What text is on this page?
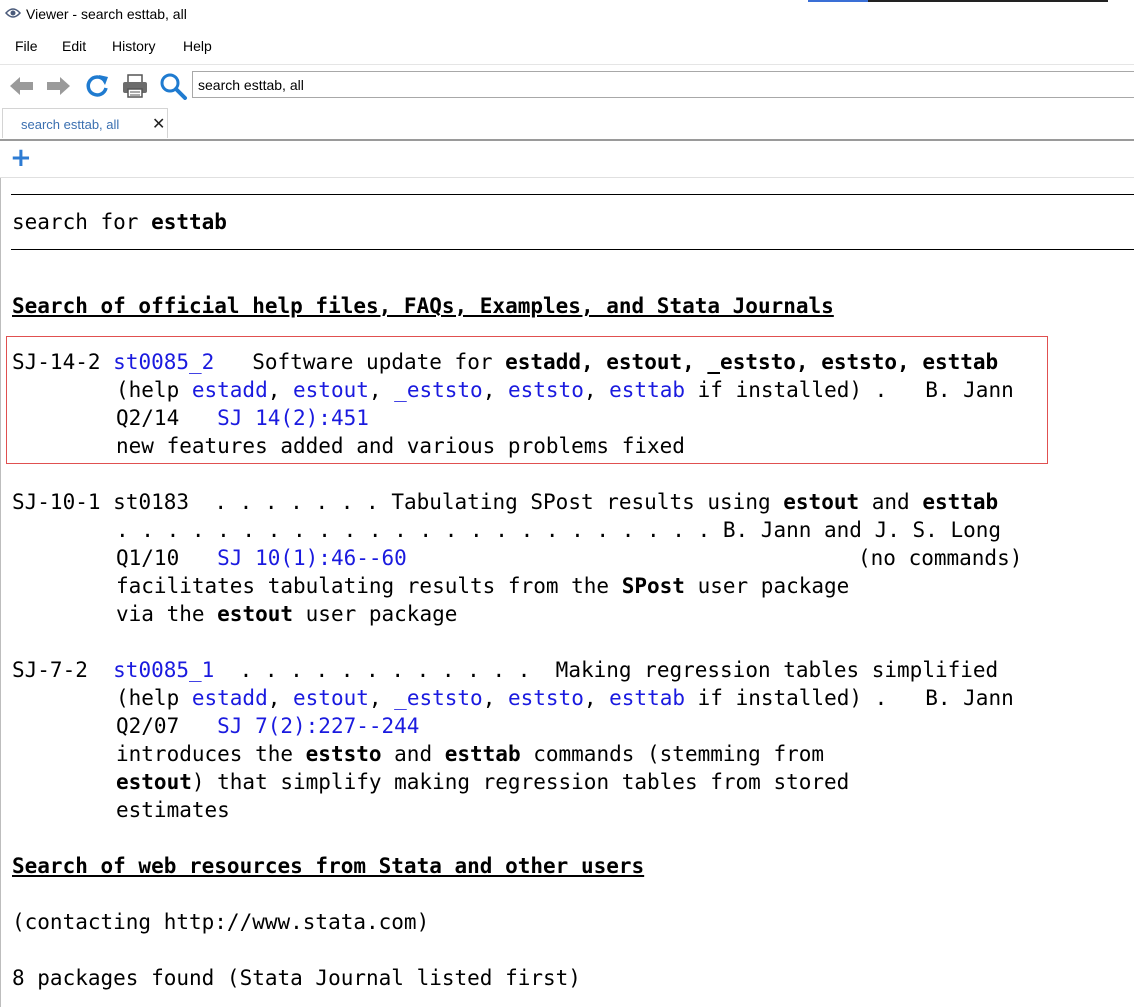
Viewer - search esttab, all
File Edit History Help
search esttab, all
search esttab, all ✕
+
search for esttab
Search of official help files, FAQs, Examples, and Stata Journals
SJ-14-2 st0085_2   Software update for estadd, estout, _eststo, eststo, esttab
(help estadd, estout, _eststo, eststo, esttab if installed) .   B. Jann
Q2/14 SJ 14(2):451
new features added and various problems fixed
SJ-10-1 st0183  . . . . . . . Tabulating SPost results using estout and esttab
. . . . . . . . . . . . . . . . . . . . . . . . B. Jann and J. S. Long
Q1/10 SJ 10(1):46--60	(no commands)
facilitates tabulating results from the SPost user package
via the estout user package
SJ-7-2 st0085_1  . . . . . . . . . . . .  Making regression tables simplified
(help estadd, estout, _eststo, eststo, esttab if installed) .   B. Jann
Q2/07 SJ 7(2):227--244
introduces the eststo and esttab commands (stemming from
estout) that simplify making regression tables from stored
estimates
Search of web resources from Stata and other users
(contacting http://www.stata.com)
8 packages found (Stata Journal listed first)
